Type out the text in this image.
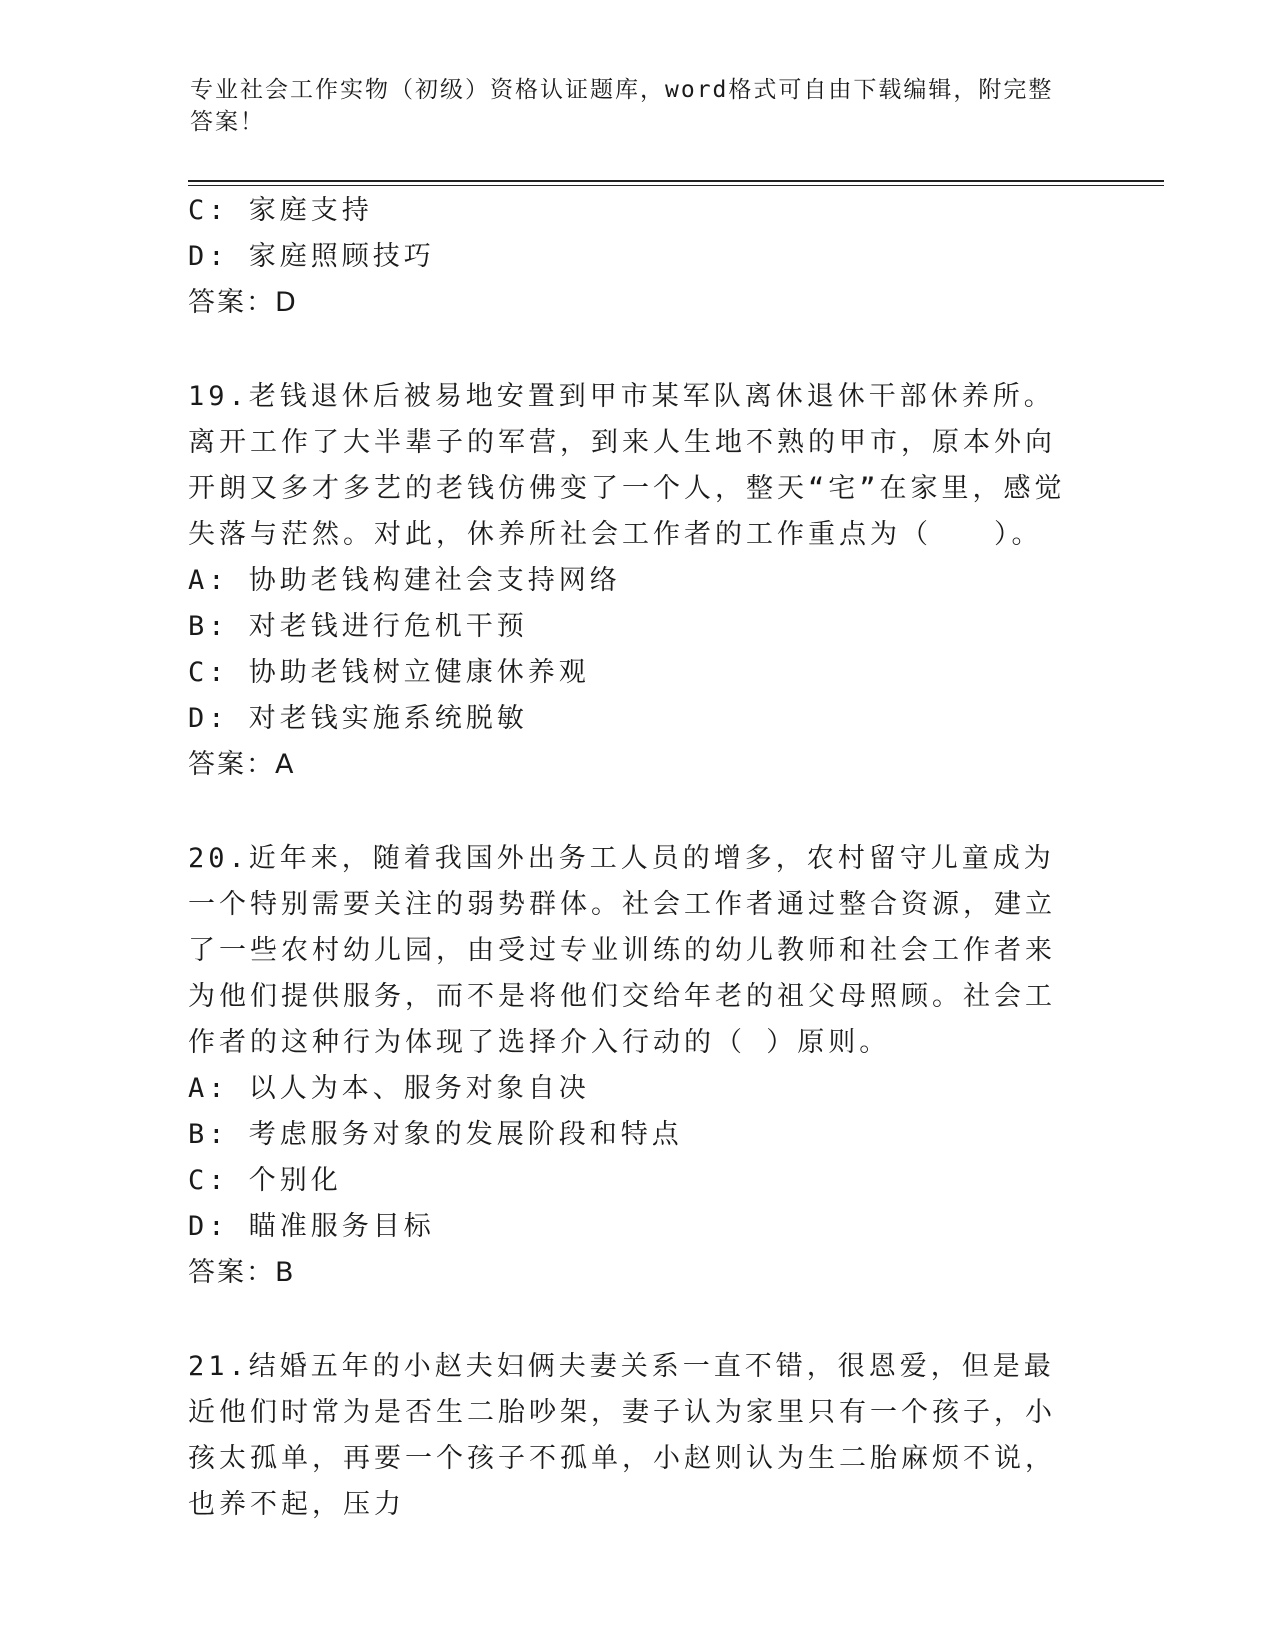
专业社会工作实物（初级）资格认证题库，word格式可自由下载编辑，附完整答案！
C: 家庭支持
D: 家庭照顾技巧
答案：D
19.老钱退休后被易地安置到甲市某军队离休退休干部休养所。离开工作了大半辈子的军营，到来人生地不熟的甲市，原本外向开朗又多才多艺的老钱仿佛变了一个人，整天“宅”在家里，感觉失落与茫然。对此，休养所社会工作者的工作重点为（　　）。
A: 协助老钱构建社会支持网络
B: 对老钱进行危机干预
C: 协助老钱树立健康休养观
D: 对老钱实施系统脱敏
答案：A
20.近年来，随着我国外出务工人员的增多，农村留守儿童成为一个特别需要关注的弱势群体。社会工作者通过整合资源，建立了一些农村幼儿园，由受过专业训练的幼儿教师和社会工作者来为他们提供服务，而不是将他们交给年老的祖父母照顾。社会工作者的这种行为体现了选择介入行动的（ ）原则。
A: 以人为本、服务对象自决
B: 考虑服务对象的发展阶段和特点
C: 个别化
D: 瞄准服务目标
答案：B
21.结婚五年的小赵夫妇俩夫妻关系一直不错，很恩爱，但是最近他们时常为是否生二胎吵架，妻子认为家里只有一个孩子，小孩太孤单，再要一个孩子不孤单，小赵则认为生二胎麻烦不说，也养不起，压力
